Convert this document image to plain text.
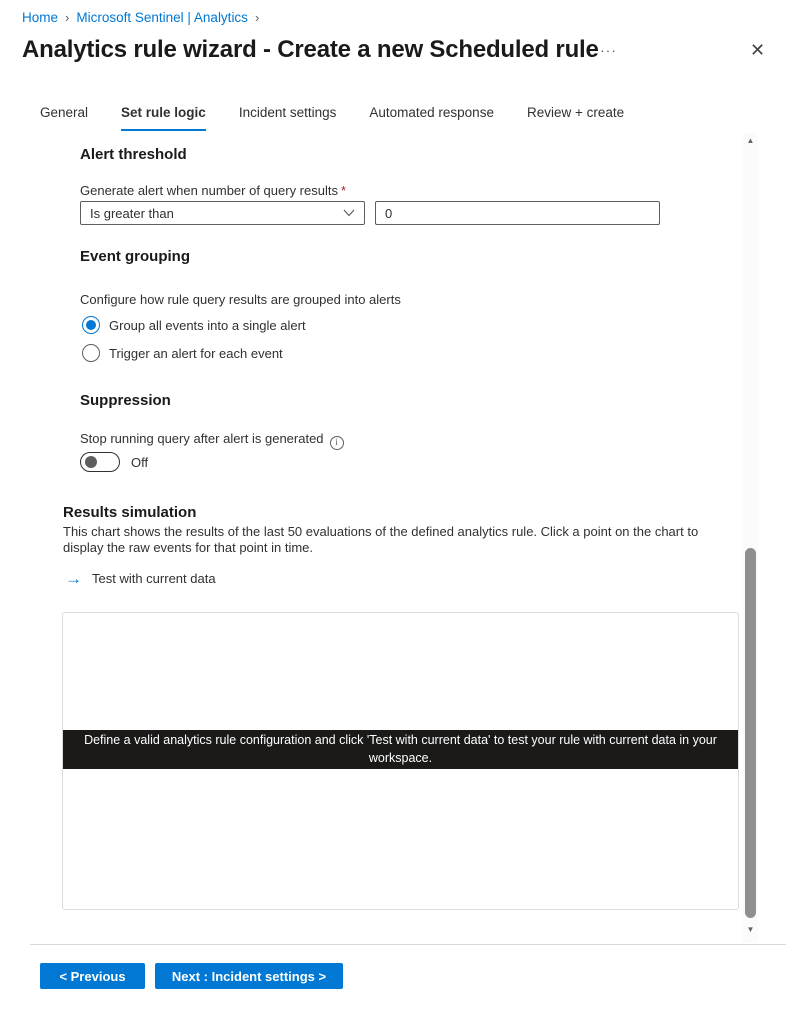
Home › Microsoft Sentinel | Analytics ›
Analytics rule wizard - Create a new Scheduled rule ···	✕
General Set rule logic Incident settings Automated response Review + create
Alert threshold
Generate alert when number of query results *
Is greater than
0
Event grouping
Configure how rule query results are grouped into alerts
Group all events into a single alert
Trigger an alert for each event
Suppression
Stop running query after alert is generated i
Off
Results simulation

This chart shows the results of the last 50 evaluations of the defined analytics rule. Click a point on the chart to display the raw events for that point in time.

→ Test with current data
Define a valid analytics rule configuration and click 'Test with current data' to test your rule with current data in your workspace.
▲
▼
< Previous	Next : Incident settings >
